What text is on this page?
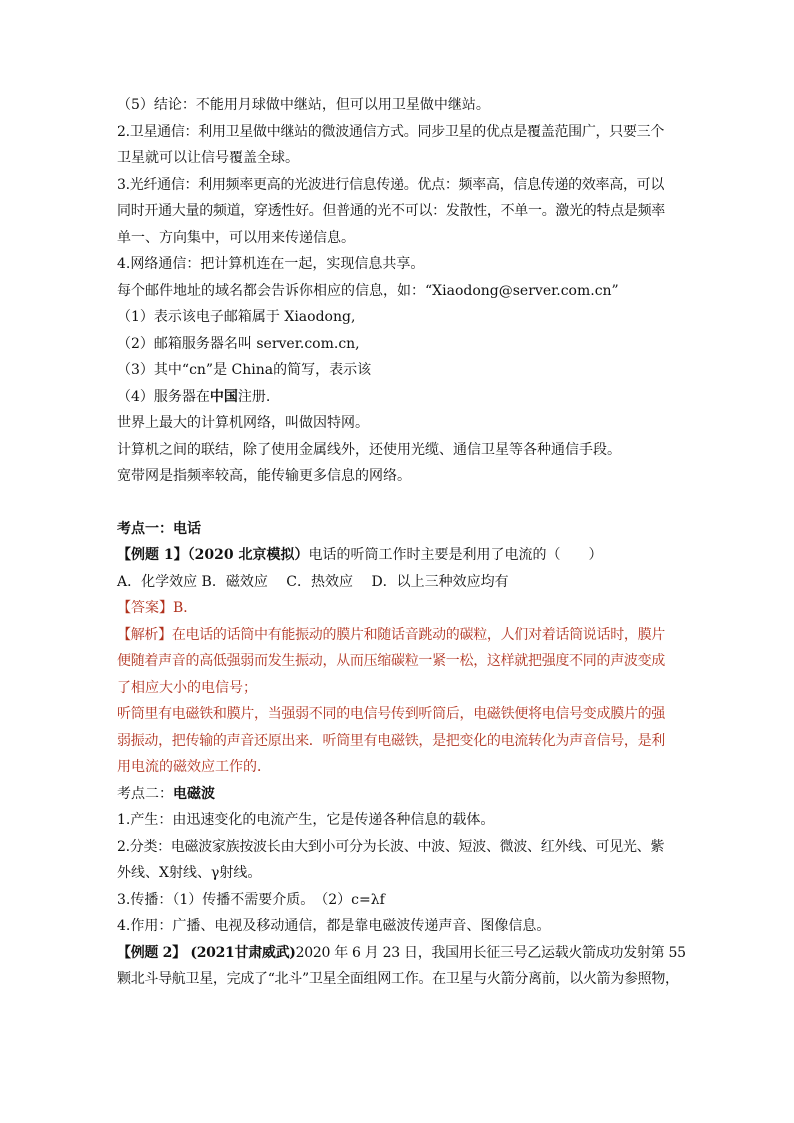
（5）结论：不能用月球做中继站，但可以用卫星做中继站。
2.卫星通信：利用卫星做中继站的微波通信方式。同步卫星的优点是覆盖范围广，只要三个
卫星就可以让信号覆盖全球。
3.光纤通信：利用频率更高的光波进行信息传递。优点：频率高，信息传递的效率高，可以
同时开通大量的频道，穿透性好。但普通的光不可以：发散性，不单一。激光的特点是频率
单一、方向集中，可以用来传递信息。
4.网络通信：把计算机连在一起，实现信息共享。
每个邮件地址的域名都会告诉你相应的信息，如：“Xiaodong@server.com.cn”
（1）表示该电子邮箱属于 Xiaodong,
（2）邮箱服务器名叫 server.com.cn,
（3）其中“cn”是 China的简写，表示该
（4）服务器在中国注册.
世界上最大的计算机网络，叫做因特网。
计算机之间的联结，除了使用金属线外，还使用光缆、通信卫星等各种通信手段。
宽带网是指频率较高，能传输更多信息的网络。
考点一：电话
【例题 1】（2020 北京模拟）电话的听筒工作时主要是利用了电流的（　　）
A．化学效应 B．磁效应　 C．热效应　 D．以上三种效应均有
【答案】B．
【解析】在电话的话筒中有能振动的膜片和随话音跳动的碳粒，人们对着话筒说话时，膜片
便随着声音的高低强弱而发生振动，从而压缩碳粒一紧一松，这样就把强度不同的声波变成
了相应大小的电信号；
听筒里有电磁铁和膜片，当强弱不同的电信号传到听筒后，电磁铁便将电信号变成膜片的强
弱振动，把传输的声音还原出来．听筒里有电磁铁，是把变化的电流转化为声音信号，是利
用电流的磁效应工作的．
考点二：电磁波
1.产生：由迅速变化的电流产生，它是传递各种信息的载体。
2.分类：电磁波家族按波长由大到小可分为长波、中波、短波、微波、红外线、可见光、紫
外线、X射线、γ射线。
3.传播：（1）传播不需要介质。　（2）c=λf
4.作用：广播、电视及移动通信，都是靠电磁波传递声音、图像信息。
【例题 2】 (2021甘肃威武)2020 年 6 月 23 日，我国用长征三号乙运载火箭成功发射第 55
颗北斗导航卫星，完成了“北斗”卫星全面组网工作。在卫星与火箭分离前，以火箭为参照物，
